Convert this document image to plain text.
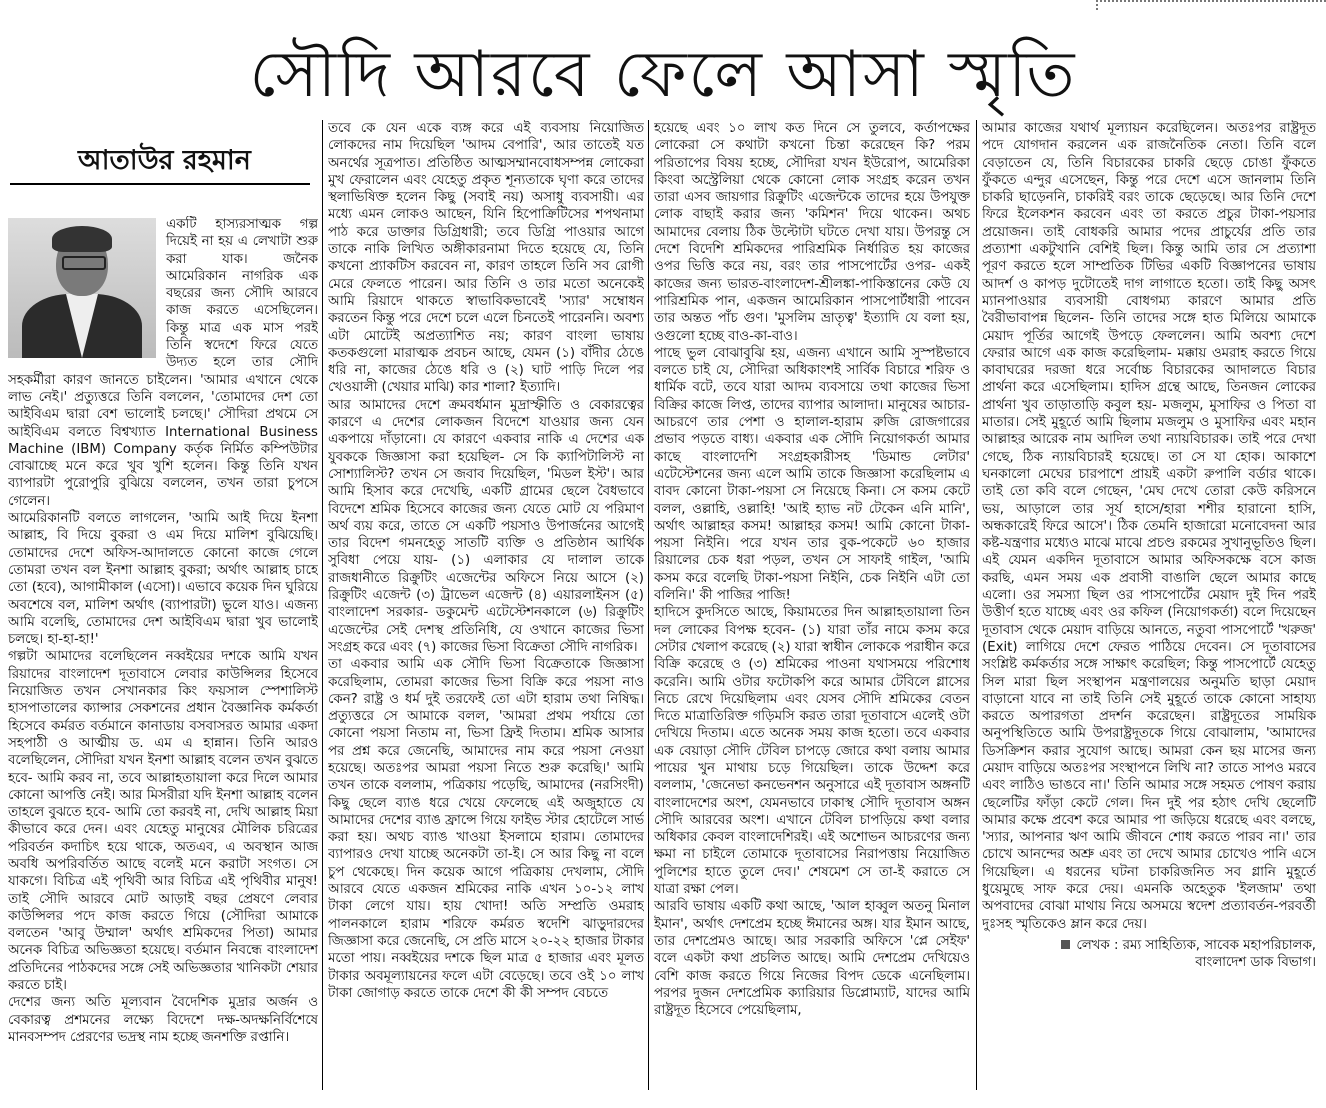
সৌদি আরবে ফেলে আসা স্মৃতি
আতাউর রহমান

একটি হাস্যরসাত্মক গল্প দিয়েই না হয় এ লেখাটা শুরু করা যাক। জনৈক আমেরিকান নাগরিক এক বছরের জন্য সৌদি আরবে কাজ করতে এসেছিলেন। কিন্তু মাত্র এক মাস পরই তিনি স্বদেশে ফিরে যেতে উদ্যত হলে তার সৌদি সহকর্মীরা কারণ জানতে চাইলেন। 'আমার এখানে থেকে লাভ নেই।' প্রত্যুত্তরে তিনি বললেন, 'তোমাদের দেশ তো আইবিএম দ্বারা বেশ ভালোই চলছে।' সৌদিরা প্রথমে সে আইবিএম বলতে বিশ্বখ্যাত International Business Machine (IBM) Company কর্তৃক নির্মিত কম্পিউটার বোঝাচ্ছে মনে করে খুব খুশি হলেন। কিন্তু তিনি যখন ব্যাপারটা পুরোপুরি বুঝিয়ে বললেন, তখন তারা চুপসে গেলেন।

আমেরিকানটি বলতে লাগলেন, 'আমি আই দিয়ে ইনশা আল্লাহ, বি দিয়ে বুকরা ও এম দিয়ে মালিশ বুঝিয়েছি। তোমাদের দেশে অফিস-আদালতে কোনো কাজে গেলে তোমরা তখন বল ইনশা আল্লাহ বুকরা; অর্থাৎ আল্লাহ চাহে তো (হবে), আগামীকাল (এসো)। এভাবে কয়েক দিন ঘুরিয়ে অবশেষে বল, মালিশ অর্থাৎ (ব্যাপারটা) ভুলে যাও। এজন্য আমি বলেছি, তোমাদের দেশ আইবিএম দ্বারা খুব ভালোই চলছে। হা-হা-হা!'

গল্পটা আমাদের বলেছিলেন নব্বইয়ের দশকে আমি যখন রিয়াদের বাংলাদেশ দূতাবাসে লেবার কাউন্সিলর হিসেবে নিয়োজিত তখন সেখানকার কিং ফয়সাল স্পেশালিস্ট হাসপাতালের ক্যান্সার সেকশনের প্রধান বৈজ্ঞানিক কর্মকর্তা হিসেবে কর্মরত বর্তমানে কানাডায় বসবাসরত আমার একদা সহপাঠী ও আত্মীয় ড. এম এ হান্নান। তিনি আরও বলেছিলেন, সৌদিরা যখন ইনশা আল্লাহ বলেন তখন বুঝতে হবে- আমি করব না, তবে আল্লাহতায়ালা করে দিলে আমার কোনো আপত্তি নেই। আর মিসরীরা যদি ইনশা আল্লাহ বলেন তাহলে বুঝতে হবে- আমি তো করবই না, দেখি আল্লাহ মিয়া কীভাবে করে দেন। এবং যেহেতু মানুষের মৌলিক চরিত্রের পরিবর্তন কদাচিৎ হয়ে থাকে, অতএব, এ অবস্থান আজ অবধি অপরিবর্তিত আছে বলেই মনে করাটা সংগত। সে যাকগে। বিচিত্র এই পৃথিবী আর বিচিত্র এই পৃথিবীর মানুষ! তাই সৌদি আরবে মোট আড়াই বছর প্রেষণে লেবার কাউন্সিলর পদে কাজ করতে গিয়ে (সৌদিরা আমাকে বলতেন 'আবু উম্মাল' অর্থাৎ শ্রমিকদের পিতা) আমার অনেক বিচিত্র অভিজ্ঞতা হয়েছে। বর্তমান নিবন্ধে বাংলাদেশ প্রতিদিনের পাঠকদের সঙ্গে সেই অভিজ্ঞতার খানিকটা শেয়ার করতে চাই।

দেশের জন্য অতি মূল্যবান বৈদেশিক মুদ্রার অর্জন ও বেকারত্ব প্রশমনের লক্ষ্যে বিদেশে দক্ষ-অদক্ষনির্বিশেষে মানবসম্পদ প্রেরণের ভদ্রস্থ নাম হচ্ছে জনশক্তি রপ্তানি।

তবে কে যেন একে ব্যঙ্গ করে এই ব্যবসায় নিয়োজিত লোকদের নাম দিয়েছিল 'আদম বেপারি', আর তাতেই যত অনর্থের সূত্রপাত। প্রতিষ্ঠিত আত্মসম্মানবোধসম্পন্ন লোকেরা মুখ ফেরালেন এবং যেহেতু প্রকৃত শূন্যতাকে ঘৃণা করে তাদের স্থলাভিষিক্ত হলেন কিছু (সবাই নয়) অসাধু ব্যবসায়ী। এর মধ্যে এমন লোকও আছেন, যিনি হিপোক্রিটিসের শপথনামা পাঠ করে ডাক্তার ডিগ্রিধারী; তবে ডিগ্রি পাওয়ার আগে তাকে নাকি লিখিত অঙ্গীকারনামা দিতে হয়েছে যে, তিনি কখনো প্র্যাকটিস করবেন না, কারণ তাহলে তিনি সব রোগী মেরে ফেলতে পারেন। আর তিনি ও তার মতো অনেকেই আমি রিয়াদে থাকতে স্বাভাবিকভাবেই 'স্যার' সম্বোধন করতেন কিন্তু পরে দেশে চলে এলে চিনতেই পারেননি। অবশ্য এটা মোটেই অপ্রত্যাশিত নয়; কারণ বাংলা ভাষায় কতকগুলো মারাত্মক প্রবচন আছে, যেমন (১) বাঁদীর ঠেঙে ধরি না, কাজের ঠেঙে ধরি ও (২) ঘাট পাড়ি দিলে পর খেওয়ালী (খেয়ার মাঝি) কার শালা? ইত্যাদি।

আর আমাদের দেশে ক্রমবর্ধমান মুদ্রাস্ফীতি ও বেকারত্বের কারণে এ দেশের লোকজন বিদেশে যাওয়ার জন্য যেন একপায়ে দাঁড়ানো। যে কারণে একবার নাকি এ দেশের এক যুবককে জিজ্ঞাসা করা হয়েছিল- সে কি ক্যাপিটালিস্ট না সোশ্যালিস্ট? তখন সে জবাব দিয়েছিল, 'মিডল ইস্ট'। আর আমি হিসাব করে দেখেছি, একটি গ্রামের ছেলে বৈধভাবে বিদেশে শ্রমিক হিসেবে কাজের জন্য যেতে মোট যে পরিমাণ অর্থ ব্যয় করে, তাতে সে একটি পয়সাও উপার্জনের আগেই তার বিদেশ গমনহেতু সাতটি ব্যক্তি ও প্রতিষ্ঠান আর্থিক সুবিধা পেয়ে যায়- (১) এলাকার যে দালাল তাকে রাজধানীতে রিক্রুটিং এজেন্টের অফিসে নিয়ে আসে (২) রিক্রুটিং এজেন্ট (৩) ট্রাভেল এজেন্ট (৪) এয়ারলাইনস (৫) বাংলাদেশ সরকার- ডকুমেন্ট এটেস্টেশনকালে (৬) রিক্রুটিং এজেন্টের সেই দেশস্থ প্রতিনিধি, যে ওখানে কাজের ভিসা সংগ্রহ করে এবং (৭) কাজের ভিসা বিক্রেতা সৌদি নাগরিক।

তা একবার আমি এক সৌদি ভিসা বিক্রেতাকে জিজ্ঞাসা করেছিলাম, তোমরা কাজের ভিসা বিক্রি করে পয়সা নাও কেন? রাষ্ট্র ও ধর্ম দুই তরফেই তো এটা হারাম তথা নিষিদ্ধ। প্রত্যুত্তরে সে আমাকে বলল, 'আমরা প্রথম পর্যায়ে তো কোনো পয়সা নিতাম না, ভিসা ফ্রিই দিতাম। শ্রমিক আসার পর প্রশ্ন করে জেনেছি, আমাদের নাম করে পয়সা নেওয়া হয়েছে। অতঃপর আমরা পয়সা নিতে শুরু করেছি।' আমি তখন তাকে বললাম, পত্রিকায় পড়েছি, আমাদের (নরসিংদী) কিছু ছেলে ব্যাঙ ধরে খেয়ে ফেলেছে এই অজুহাতে যে আমাদের দেশের ব্যাঙ ফ্রান্সে গিয়ে ফাইভ স্টার হোটেলে সার্ভ করা হয়। অথচ ব্যাঙ খাওয়া ইসলামে হারাম। তোমাদের ব্যাপারও দেখা যাচ্ছে অনেকটা তা-ই। সে আর কিছু না বলে চুপ থেকেছে। দিন কয়েক আগে পত্রিকায় দেখলাম, সৌদি আরবে যেতে একজন শ্রমিকের নাকি এখন ১০-১২ লাখ টাকা লেগে যায়। হায় খোদা! অতি সম্প্রতি ওমরাহ পালনকালে হারাম শরিফে কর্মরত স্বদেশি ঝাড়ুদারদের জিজ্ঞাসা করে জেনেছি, সে প্রতি মাসে ২০-২২ হাজার টাকার মতো পায়। নব্বইয়ের দশকে ছিল মাত্র ৫ হাজার এবং মূলত টাকার অবমূল্যায়নের ফলে এটা বেড়েছে। তবে ওই ১০ লাখ টাকা জোগাড় করতে তাকে দেশে কী কী সম্পদ বেচতে

হয়েছে এবং ১০ লাখ কত দিনে সে তুলবে, কর্তাপক্ষের লোকেরা সে কথাটা কখনো চিন্তা করেছেন কি? পরম পরিতাপের বিষয় হচ্ছে, সৌদিরা যখন ইউরোপ, আমেরিকা কিংবা অস্ট্রেলিয়া থেকে কোনো লোক সংগ্রহ করেন তখন তারা এসব জায়গার রিক্রুটিং এজেন্টকে তাদের হয়ে উপযুক্ত লোক বাছাই করার জন্য 'কমিশন' দিয়ে থাকেন। অথচ আমাদের বেলায় ঠিক উল্টোটা ঘটতে দেখা যায়। উপরন্তু সে দেশে বিদেশি শ্রমিকদের পারিশ্রমিক নির্ধারিত হয় কাজের ওপর ভিত্তি করে নয়, বরং তার পাসপোর্টের ওপর- একই কাজের জন্য ভারত-বাংলাদেশ-শ্রীলঙ্কা-পাকিস্তানের কেউ যে পারিশ্রমিক পান, একজন আমেরিকান পাসপোর্টধারী পাবেন তার অন্তত পাঁচ গুণ। 'মুসলিম ভ্রাতৃত্ব' ইত্যাদি যে বলা হয়, ওগুলো হচ্ছে বাও-কা-বাও।

পাছে ভুল বোঝাবুঝি হয়, এজন্য এখানে আমি সুস্পষ্টভাবে বলতে চাই যে, সৌদিরা অধিকাংশই সার্বিক বিচারে শরিফ ও ধার্মিক বটে, তবে যারা আদম ব্যবসায়ে তথা কাজের ভিসা বিক্রির কাজে লিপ্ত, তাদের ব্যাপার আলাদা। মানুষের আচার-আচরণে তার পেশা ও হালাল-হারাম রুজি রোজগারের প্রভাব পড়তে বাধ্য। একবার এক সৌদি নিয়োগকর্তা আমার কাছে বাংলাদেশি সংগ্রহকারীসহ 'ডিমান্ড লেটার' এটেস্টেশনের জন্য এলে আমি তাকে জিজ্ঞাসা করেছিলাম এ বাবদ কোনো টাকা-পয়সা সে নিয়েছে কিনা। সে কসম কেটে বলল, ওল্লাহি, ওল্লাহি! 'আই হ্যাভ নট টেকেন এনি মানি', অর্থাৎ আল্লাহর কসম! আল্লাহর কসম! আমি কোনো টাকা-পয়সা নিইনি। পরে যখন তার বুক-পকেটে ৬০ হাজার রিয়ালের চেক ধরা পড়ল, তখন সে সাফাই গাইল, 'আমি কসম করে বলেছি টাকা-পয়সা নিইনি, চেক নিইনি এটা তো বলিনি।' কী পাজির পাজি!

হাদিসে কুদসিতে আছে, কিয়ামতের দিন আল্লাহতায়ালা তিন দল লোকের বিপক্ষ হবেন- (১) যারা তাঁর নামে কসম করে সেটার খেলাপ করেছে (২) যারা স্বাধীন লোককে পরাধীন করে বিক্রি করেছে ও (৩) শ্রমিকের পাওনা যথাসময়ে পরিশোধ করেনি। আমি ওটার ফটোকপি করে আমার টেবিলে গ্লাসের নিচে রেখে দিয়েছিলাম এবং যেসব সৌদি শ্রমিকের বেতন দিতে মাত্রাতিরিক্ত গড়িমসি করত তারা দূতাবাসে এলেই ওটা দেখিয়ে দিতাম। এতে অনেক সময় কাজ হতো। তবে একবার এক বেয়াড়া সৌদি টেবিল চাপড়ে জোরে কথা বলায় আমার পায়ের খুন মাথায় চড়ে গিয়েছিল। তাকে উদ্দেশ করে বললাম, 'জেনেভা কনভেনশন অনুসারে এই দূতাবাস অঙ্গনটি বাংলাদেশের অংশ, যেমনভাবে ঢাকাস্থ সৌদি দূতাবাস অঙ্গন সৌদি আরবের অংশ। এখানে টেবিল চাপড়িয়ে কথা বলার অধিকার কেবল বাংলাদেশিরই। এই অশোভন আচরণের জন্য ক্ষমা না চাইলে তোমাকে দূতাবাসের নিরাপত্তায় নিয়োজিত পুলিশের হাতে তুলে দেব।' শেষমেশ সে তা-ই করাতে সে যাত্রা রক্ষা পেল।

আরবি ভাষায় একটি কথা আছে, 'আল হাব্বুল অতনু মিনাল ইমান', অর্থাৎ দেশপ্রেম হচ্ছে ঈমানের অঙ্গ। যার ইমান আছে, তার দেশপ্রেমও আছে। আর সরকারি অফিসে 'প্লে সেইফ' বলে একটা কথা প্রচলিত আছে। আমি দেশপ্রেম দেখিয়েও বেশি কাজ করতে গিয়ে নিজের বিপদ ডেকে এনেছিলাম। পরপর দুজন দেশপ্রেমিক ক্যারিয়ার ডিপ্লোম্যাট, যাদের আমি রাষ্ট্রদূত হিসেবে পেয়েছিলাম,

আমার কাজের যথার্থ মূল্যায়ন করেছিলেন। অতঃপর রাষ্ট্রদূত পদে যোগদান করলেন এক রাজনৈতিক নেতা। তিনি বলে বেড়াতেন যে, তিনি বিচারকের চাকরি ছেড়ে চোঙা ফুঁকতে ফুঁকতে এন্দুর এসেছেন, কিন্তু পরে দেশে এসে জানলাম তিনি চাকরি ছাড়েননি, চাকরিই বরং তাকে ছেড়েছে। আর তিনি দেশে ফিরে ইলেকশন করবেন এবং তা করতে প্রচুর টাকা-পয়সার প্রয়োজন। তাই বোধকরি আমার পদের প্রাচুর্যের প্রতি তার প্রত্যাশা একটুখানি বেশিই ছিল। কিন্তু আমি তার সে প্রত্যাশা পূরণ করতে হলে সাম্প্রতিক টিভির একটি বিজ্ঞাপনের ভাষায় আদর্শ ও কাপড় দুটোতেই দাগ লাগাতে হতো। তাই কিছু অসৎ ম্যানপাওয়ার ব্যবসায়ী বোধগম্য কারণে আমার প্রতি বৈরীভাবাপন্ন ছিলেন- তিনি তাদের সঙ্গে হাত মিলিয়ে আমাকে মেয়াদ পূর্তির আগেই উপড়ে ফেললেন। আমি অবশ্য দেশে ফেরার আগে এক কাজ করেছিলাম- মক্কায় ওমরাহ করতে গিয়ে কাবাঘরের দরজা ধরে সর্বোচ্চ বিচারকের আদালতে বিচার প্রার্থনা করে এসেছিলাম। হাদিস গ্রন্থে আছে, তিনজন লোকের প্রার্থনা খুব তাড়াতাড়ি কবুল হয়- মজলুম, মুসাফির ও পিতা বা মাতার। সেই মুহূর্তে আমি ছিলাম মজলুম ও মুসাফির এবং মহান আল্লাহর আরেক নাম আদিল তথা ন্যায়বিচারক। তাই পরে দেখা গেছে, ঠিক ন্যায়বিচারই হয়েছে। তা সে যা হোক। আকাশে ঘনকালো মেঘের চারপাশে প্রায়ই একটা রুপালি বর্ডার থাকে। তাই তো কবি বলে গেছেন, 'মেঘ দেখে তোরা কেউ করিসনে ভয়, আড়ালে তার সূর্য হাসে/হারা শশীর হারানো হাসি, অন্ধকারেই ফিরে আসে'। ঠিক তেমনি হাজারো মনোবেদনা আর কষ্ট-যন্ত্রণার মধ্যেও মাঝে মাঝে প্রচণ্ড রকমের সুখানুভূতিও ছিল। এই যেমন একদিন দূতাবাসে আমার অফিসকক্ষে বসে কাজ করছি, এমন সময় এক প্রবাসী বাঙালি ছেলে আমার কাছে এলো। ওর সমস্যা ছিল ওর পাসপোর্টের মেয়াদ দুই দিন পরই উত্তীর্ণ হতে যাচ্ছে এবং ওর কফিল (নিয়োগকর্তা) বলে দিয়েছেন দূতাবাস থেকে মেয়াদ বাড়িয়ে আনতে, নতুবা পাসপোর্টে 'খরুজ' (Exit) লাগিয়ে দেশে ফেরত পাঠিয়ে দেবেন। সে দূতাবাসের সংশ্লিষ্ট কর্মকর্তার সঙ্গে সাক্ষাৎ করেছিল; কিন্তু পাসপোর্টে যেহেতু সিল মারা ছিল সংস্থাপন মন্ত্রণালয়ের অনুমতি ছাড়া মেয়াদ বাড়ানো যাবে না তাই তিনি সেই মুহূর্তে তাকে কোনো সাহায্য করতে অপারগতা প্রদর্শন করেছেন। রাষ্ট্রদূতের সাময়িক অনুপস্থিতিতে আমি উপরাষ্ট্রদূতকে গিয়ে বোঝালাম, 'আমাদের ডিসক্রিশন করার সুযোগ আছে। আমরা কেন ছয় মাসের জন্য মেয়াদ বাড়িয়ে অতঃপর সংস্থাপনে লিখি না? তাতে সাপও মরবে এবং লাঠিও ভাঙবে না।' তিনি আমার সঙ্গে সহমত পোষণ করায় ছেলেটির ফাঁড়া কেটে গেল। দিন দুই পর হঠাৎ দেখি ছেলেটি আমার কক্ষে প্রবেশ করে আমার পা জড়িয়ে ধরেছে এবং বলছে, 'স্যার, আপনার ঋণ আমি জীবনে শোধ করতে পারব না।' তার চোখে আনন্দের অশ্রু এবং তা দেখে আমার চোখেও পানি এসে গিয়েছিল। এ ধরনের ঘটনা চাকরিজনিত সব গ্লানি মুহূর্তে ধুয়েমুছে সাফ করে দেয়। এমনকি অহেতুক 'ইলজাম' তথা অপবাদের বোঝা মাথায় নিয়ে অসময়ে স্বদেশ প্রত্যাবর্তন-পরবর্তী দুঃসহ স্মৃতিকেও ম্লান করে দেয়।

লেখক : রম্য সাহিত্যিক, সাবেক মহাপরিচালক,
বাংলাদেশ ডাক বিভাগ।
